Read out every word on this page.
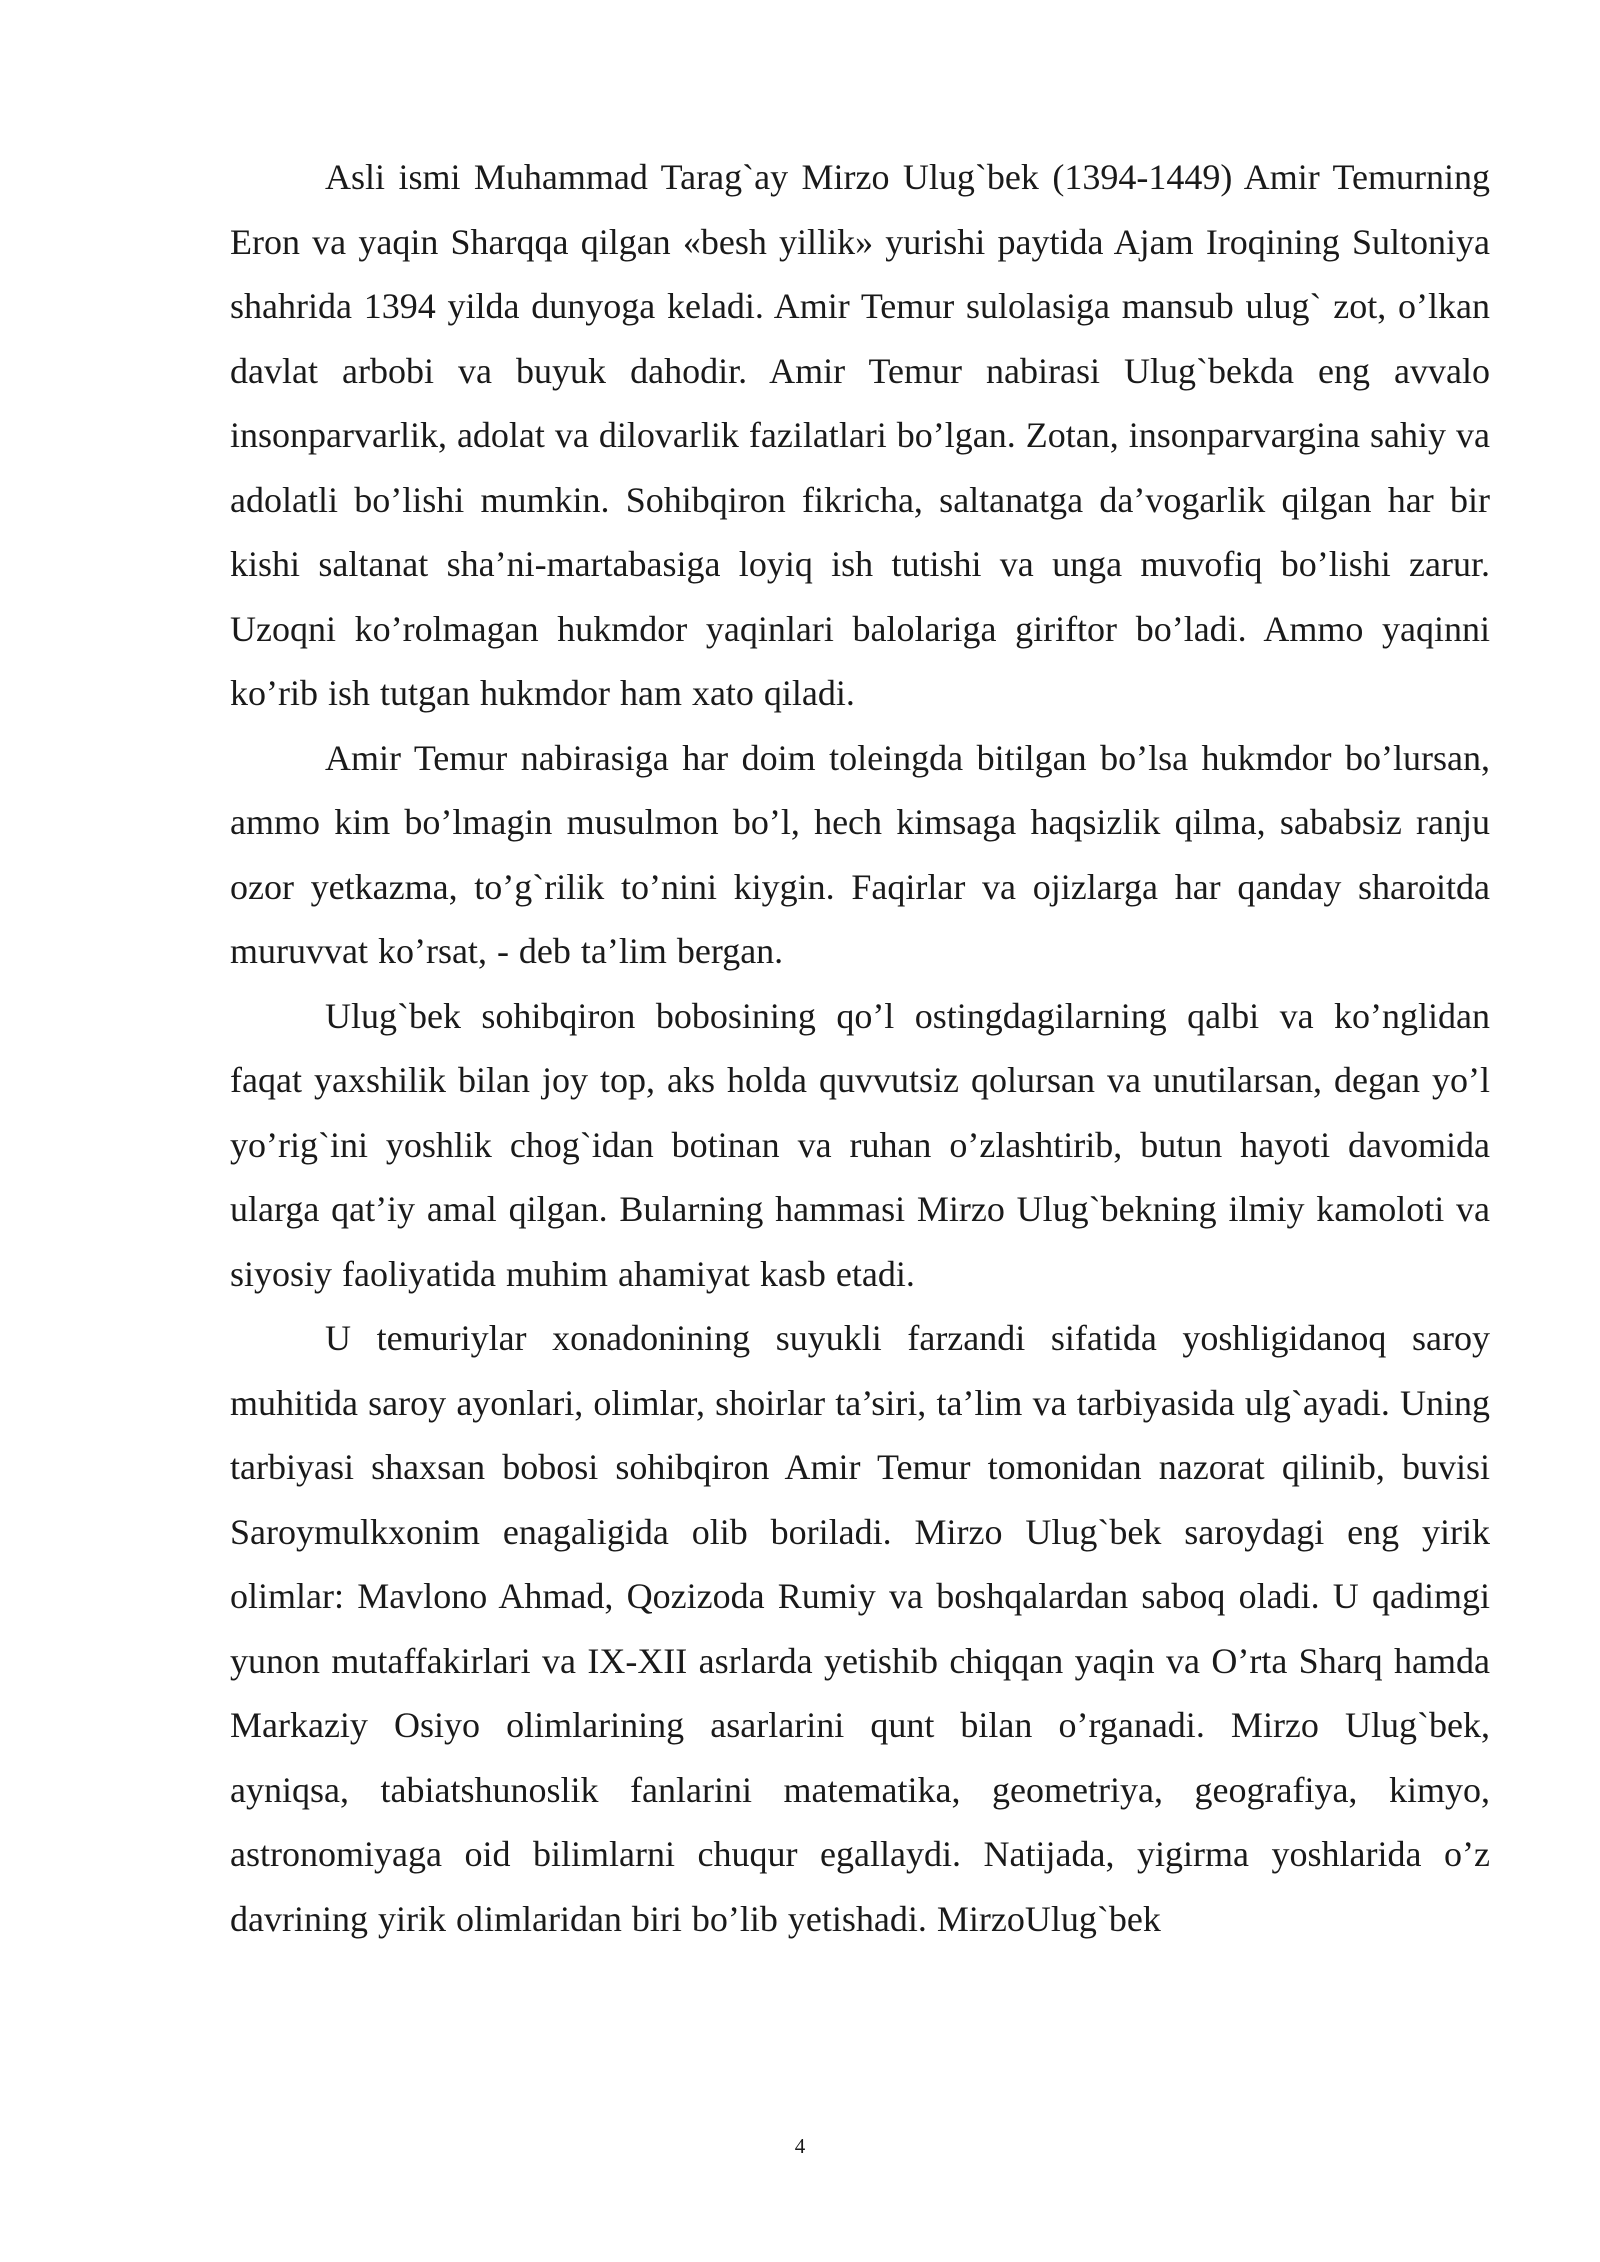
Asli ismi Muhammad Tarag`ay Mirzo Ulug`bek (1394-1449) Amir Temurning Eron va yaqin Sharqqa qilgan «besh yillik» yurishi paytida Ajam Iroqining Sultoniya shahrida 1394 yilda dunyoga keladi. Amir Temur sulolasiga mansub ulug` zot, o’lkan davlat arbobi va buyuk dahodir. Amir Temur nabirasi Ulug`bekda eng avvalo insonparvarlik, adolat va dilovarlik fazilatlari bo’lgan. Zotan, insonparvargina sahiy va adolatli bo’lishi mumkin. Sohibqiron fikricha, saltanatga da’vogarlik qilgan har bir kishi saltanat sha’ni-martabasiga loyiq ish tutishi va unga muvofiq bo’lishi zarur. Uzoqni ko’rolmagan hukmdor yaqinlari balolariga giriftor bo’ladi. Ammo yaqinni ko’rib ish tutgan hukmdor ham xato qiladi.

Amir Temur nabirasiga har doim toleingda bitilgan bo’lsa hukmdor bo’lursan, ammo kim bo’lmagin musulmon bo’l, hech kimsaga haqsizlik qilma, sababsiz ranju ozor yetkazma, to’g`rilik to’nini kiygin. Faqirlar va ojizlarga har qanday sharoitda muruvvat ko’rsat, - deb ta’lim bergan.

Ulug`bek sohibqiron bobosining qo’l ostingdagilarning qalbi va ko’nglidan faqat yaxshilik bilan joy top, aks holda quvvutsiz qolursan va unutilarsan, degan yo’l yo’rig`ini yoshlik chog`idan botinan va ruhan o’zlashtirib, butun hayoti davomida ularga qat’iy amal qilgan. Bularning hammasi Mirzo Ulug`bekning ilmiy kamoloti va siyosiy faoliyatida muhim ahamiyat kasb etadi.

U temuriylar xonadonining suyukli farzandi sifatida yoshligidanoq saroy muhitida saroy ayonlari, olimlar, shoirlar ta’siri, ta’lim va tarbiyasida ulg`ayadi. Uning tarbiyasi shaxsan bobosi sohibqiron Amir Temur tomonidan nazorat qilinib, buvisi Saroymulkxonim enagaligida olib boriladi. Mirzo Ulug`bek saroydagi eng yirik olimlar: Mavlono Ahmad, Qozizoda Rumiy va boshqalardan saboq oladi. U qadimgi yunon mutaffakirlari va IX-XII asrlarda yetishib chiqqan yaqin va O’rta Sharq hamda Markaziy Osiyo olimlarining asarlarini qunt bilan o’rganadi. Mirzo Ulug`bek, ayniqsa, tabiatshunoslik fanlarini matematika, geometriya, geografiya, kimyo, astronomiyaga oid bilimlarni chuqur egallaydi. Natijada, yigirma yoshlarida o’z davrining yirik olimlaridan biri bo’lib yetishadi. MirzoUlug`bek

4
